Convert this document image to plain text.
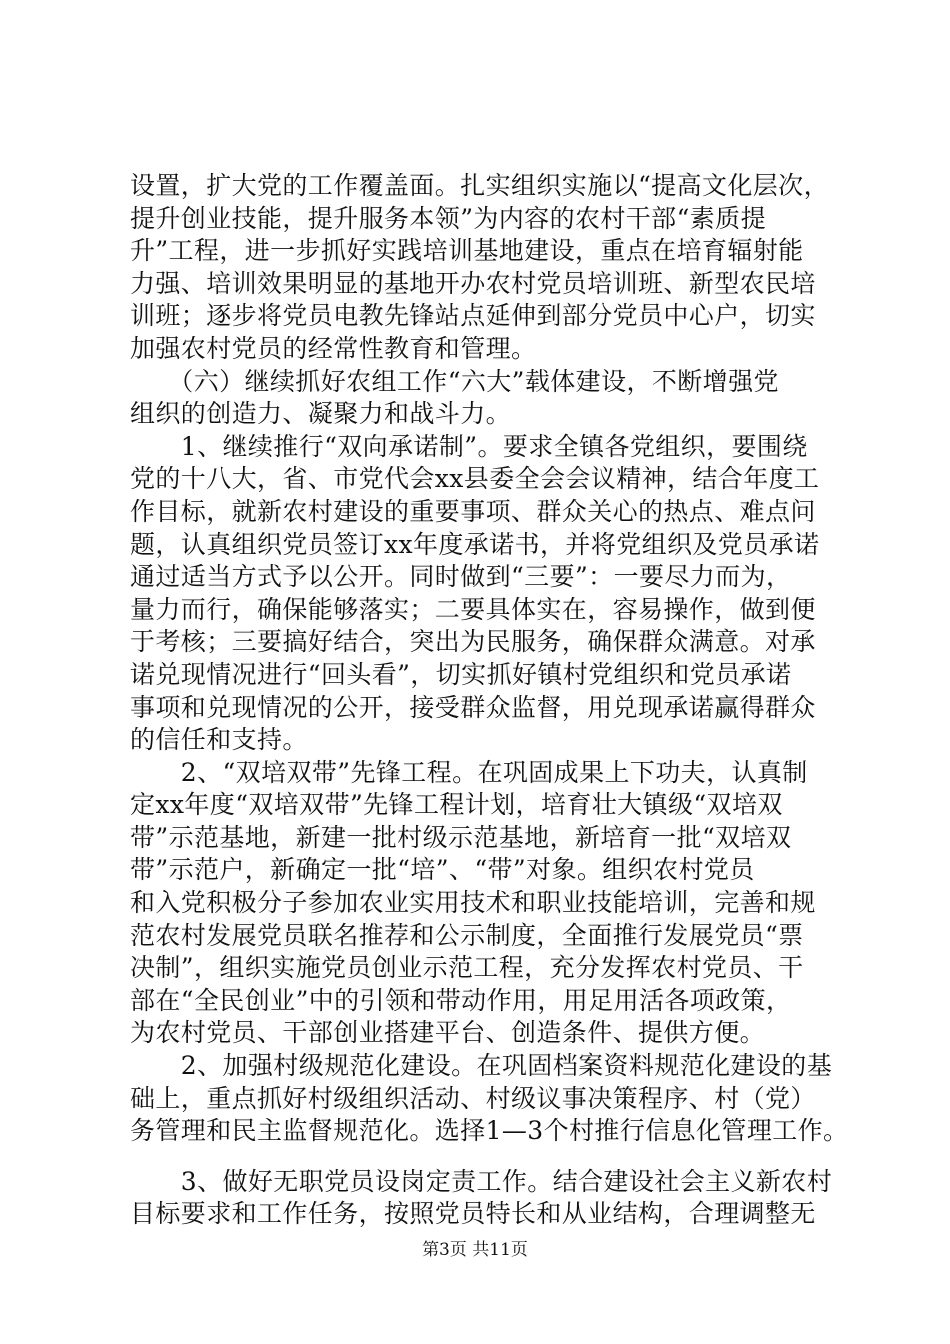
设置，扩大党的工作覆盖面。扎实组织实施以“提高文化层次，
提升创业技能，提升服务本领”为内容的农村干部“素质提
升”工程，进一步抓好实践培训基地建设，重点在培育辐射能
力强、培训效果明显的基地开办农村党员培训班、新型农民培
训班；逐步将党员电教先锋站点延伸到部分党员中心户，切实
加强农村党员的经常性教育和管理。
　　（六）继续抓好农组工作“六大”载体建设，不断增强党
组织的创造力、凝聚力和战斗力。
　　1、继续推行“双向承诺制”。要求全镇各党组织，要围绕
党的十八大，省、市党代会xx县委全会会议精神，结合年度工
作目标，就新农村建设的重要事项、群众关心的热点、难点问
题，认真组织党员签订xx年度承诺书，并将党组织及党员承诺
通过适当方式予以公开。同时做到“三要”：一要尽力而为，
量力而行，确保能够落实；二要具体实在，容易操作，做到便
于考核；三要搞好结合，突出为民服务，确保群众满意。对承
诺兑现情况进行“回头看”，切实抓好镇村党组织和党员承诺
事项和兑现情况的公开，接受群众监督，用兑现承诺赢得群众
的信任和支持。
　　2、“双培双带”先锋工程。在巩固成果上下功夫，认真制
定xx年度“双培双带”先锋工程计划，培育壮大镇级“双培双
带”示范基地，新建一批村级示范基地，新培育一批“双培双
带”示范户，新确定一批“培”、“带”对象。组织农村党员
和入党积极分子参加农业实用技术和职业技能培训，完善和规
范农村发展党员联名推荐和公示制度，全面推行发展党员“票
决制”，组织实施党员创业示范工程，充分发挥农村党员、干
部在“全民创业”中的引领和带动作用，用足用活各项政策，
为农村党员、干部创业搭建平台、创造条件、提供方便。
　　2、加强村级规范化建设。在巩固档案资料规范化建设的基
础上，重点抓好村级组织活动、村级议事决策程序、村（党）
务管理和民主监督规范化。选择1—3个村推行信息化管理工作。
　　3、做好无职党员设岗定责工作。结合建设社会主义新农村
目标要求和工作任务，按照党员特长和从业结构，合理调整无
第3页 共11页
